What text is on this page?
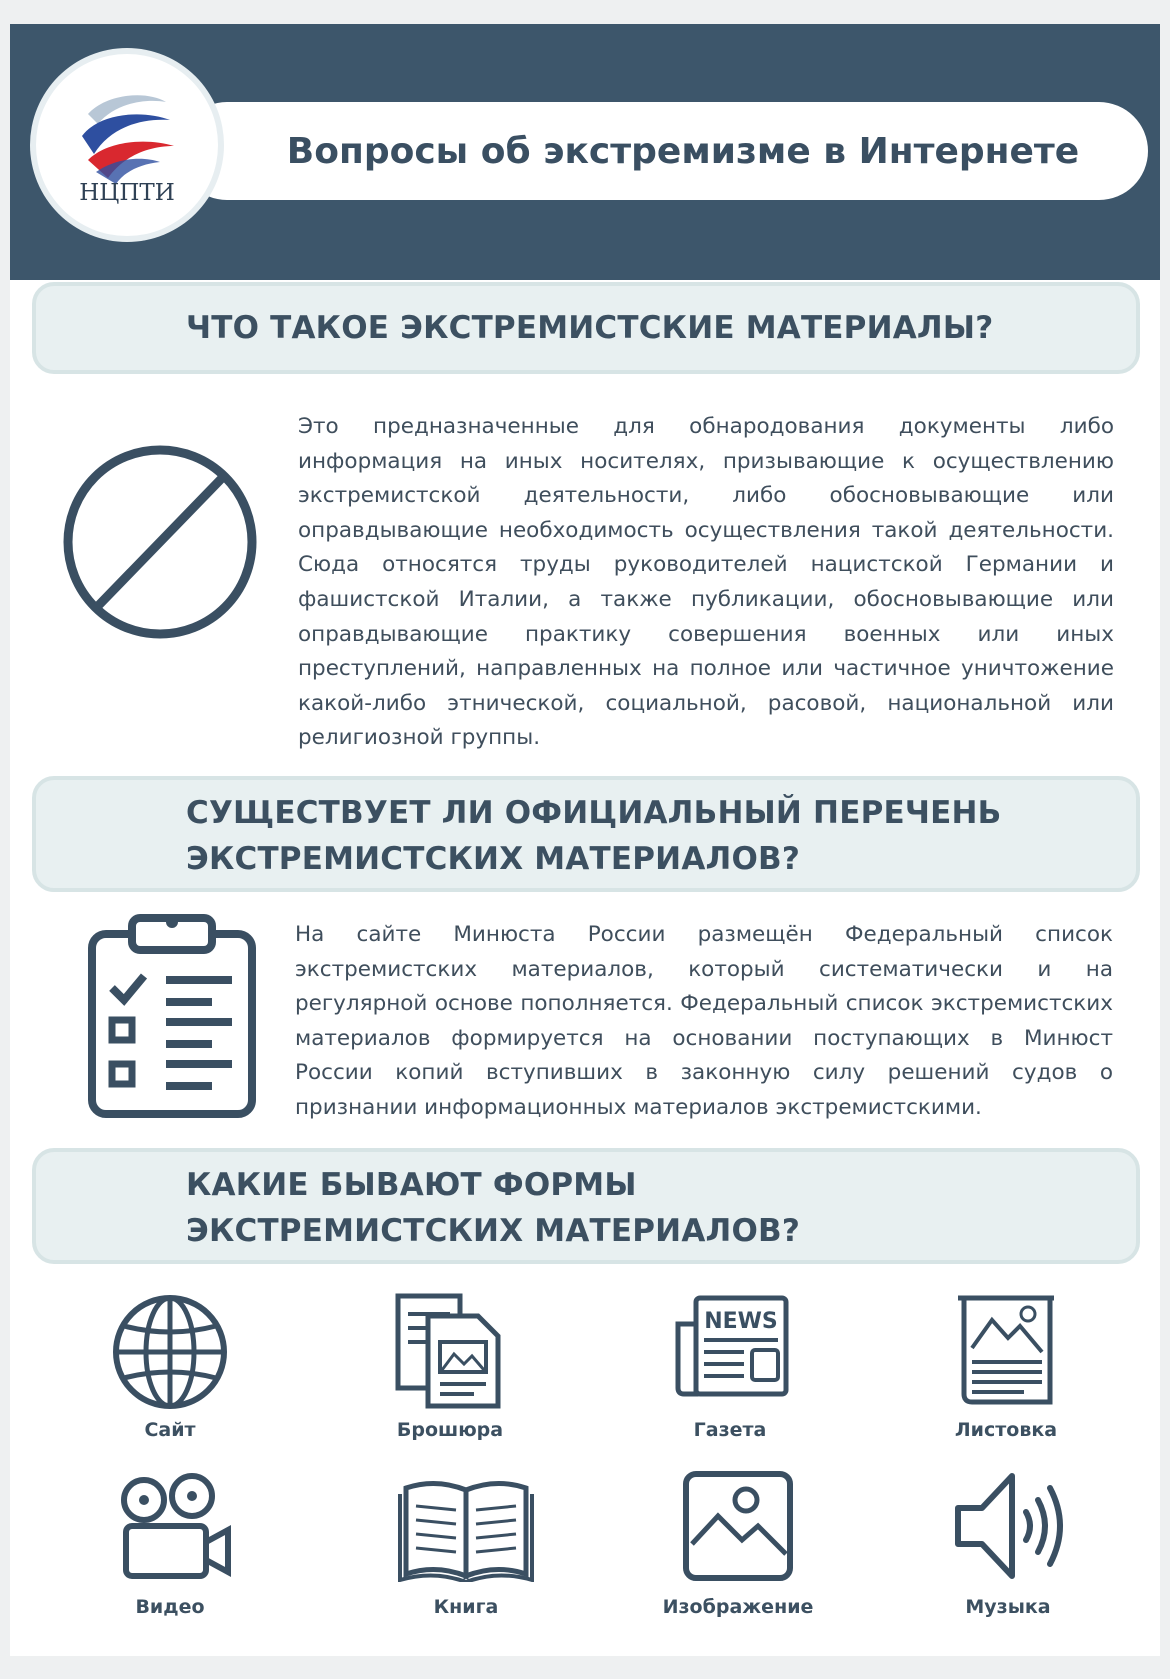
Вопросы об экстремизме в Интернете
НЦПТИ
ЧТО ТАКОЕ ЭКСТРЕМИСТСКИЕ МАТЕРИАЛЫ?
Это предназначенные для обнародования документы либо информация на иных носителях, призывающие к осуществлению экстремистской деятельности, либо обосновывающие или оправдывающие необходимость осуществления такой деятельности. Сюда относятся труды руководителей нацистской Германии и фашистской Италии, а также публикации, обосновывающие или оправдывающие практику совершения военных или иных преступлений, направленных на полное или частичное уничтожение какой-либо этнической, социальной, расовой, национальной или религиозной группы.
СУЩЕСТВУЕТ ЛИ ОФИЦИАЛЬНЫЙ ПЕРЕЧЕНЬ
ЭКСТРЕМИСТСКИХ МАТЕРИАЛОВ?
На сайте Минюста России размещён Федеральный список экстремистских материалов, который систематически и на регулярной основе пополняется. Федеральный список экстремистских материалов формируется на основании поступающих в Минюст России копий вступивших в законную силу решений судов о признании информационных материалов экстремистскими.
КАКИЕ БЫВАЮТ ФОРМЫ
ЭКСТРЕМИСТСКИХ МАТЕРИАЛОВ?
Сайт	Брошюра
NEWS
Газета	Листовка
Видео	Книга	Изображение	Музыка
